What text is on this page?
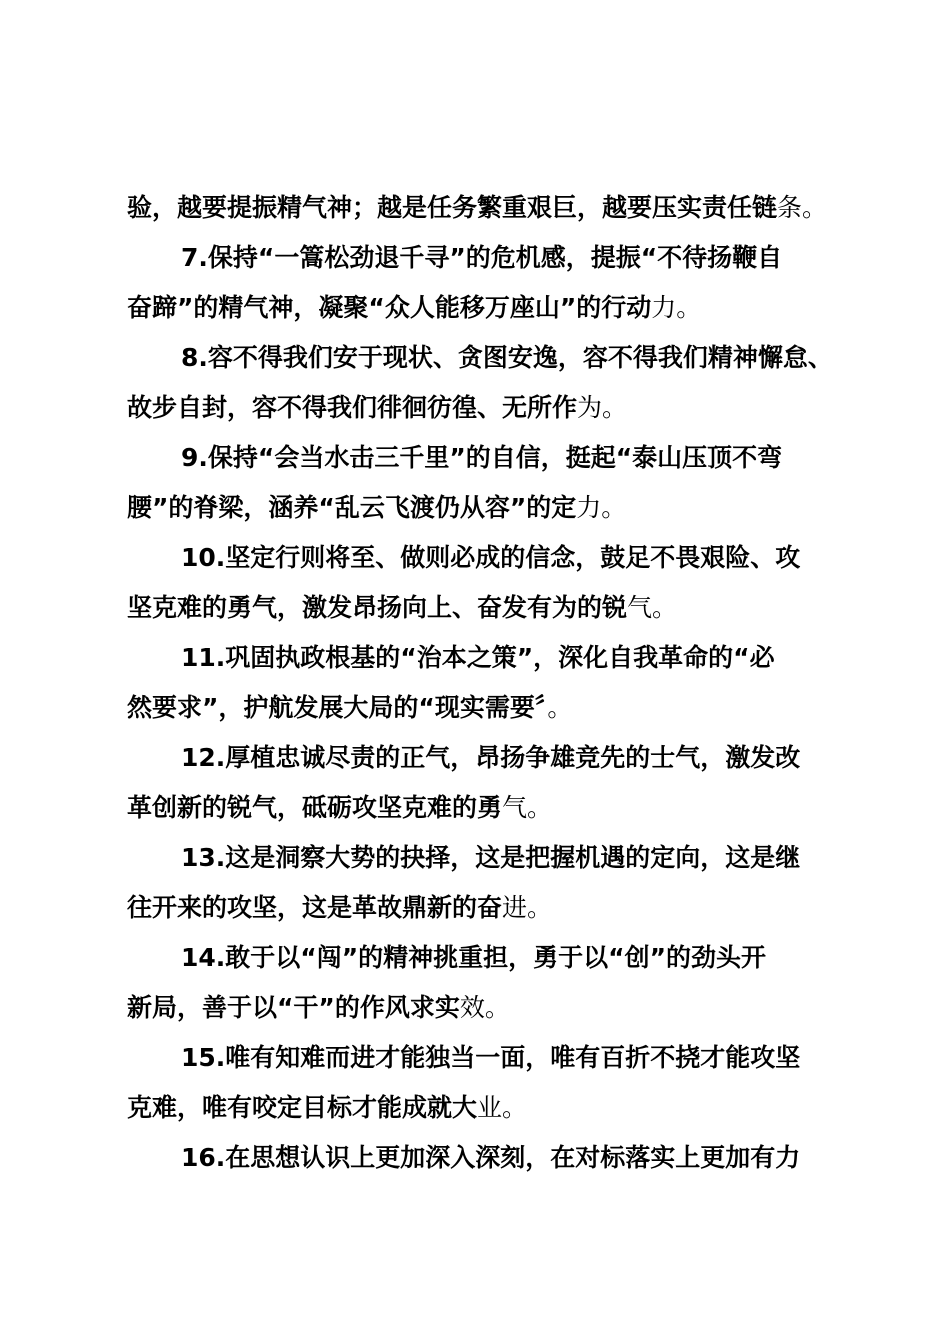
验，越要提振精气神；越是任务繁重艰巨，越要压实责任链条。
7.保持“一篙松劲退千寻”的危机感，提振“不待扬鞭自
奋蹄”的精气神，凝聚“众人能移万座山”的行动力。
8.容不得我们安于现状、贪图安逸，容不得我们精神懈怠、
故步自封，容不得我们徘徊彷徨、无所作为。
9.保持“会当水击三千里”的自信，挺起“泰山压顶不弯
腰”的脊梁，涵养“乱云飞渡仍从容”的定力。
10.坚定行则将至、做则必成的信念，鼓足不畏艰险、攻
坚克难的勇气，激发昂扬向上、奋发有为的锐气。
11.巩固执政根基的“治本之策”，深化自我革命的“必
然要求”，护航发展大局的“现实需要〞。
12.厚植忠诚尽责的正气，昂扬争雄竞先的士气，激发改
革创新的锐气，砥砺攻坚克难的勇气。
13.这是洞察大势的抉择，这是把握机遇的定向，这是继
往开来的攻坚，这是革故鼎新的奋进。
14.敢于以“闯”的精神挑重担，勇于以“创”的劲头开
新局，善于以“干”的作风求实效。
15.唯有知难而进才能独当一面，唯有百折不挠才能攻坚
克难，唯有咬定目标才能成就大业。
16.在思想认识上更加深入深刻，在对标落实上更加有力
